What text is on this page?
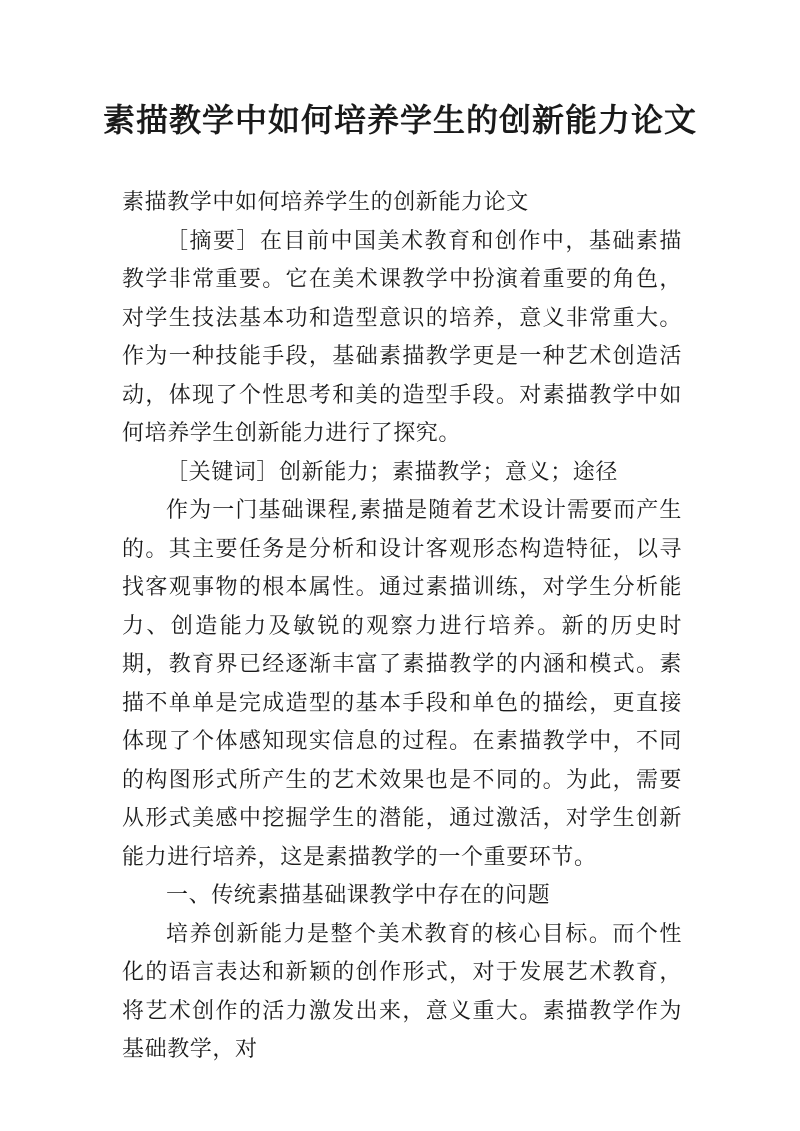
素描教学中如何培养学生的创新能力论文

素描教学中如何培养学生的创新能力论文

［摘要］在目前中国美术教育和创作中，基础素描教学非常重要。它在美术课教学中扮演着重要的角色，对学生技法基本功和造型意识的培养，意义非常重大。作为一种技能手段，基础素描教学更是一种艺术创造活动，体现了个性思考和美的造型手段。对素描教学中如何培养学生创新能力进行了探究。

［关键词］创新能力；素描教学；意义；途径

作为一门基础课程,素描是随着艺术设计需要而产生的。其主要任务是分析和设计客观形态构造特征，以寻找客观事物的根本属性。通过素描训练，对学生分析能力、创造能力及敏锐的观察力进行培养。新的历史时期，教育界已经逐渐丰富了素描教学的内涵和模式。素描不单单是完成造型的基本手段和单色的描绘，更直接体现了个体感知现实信息的过程。在素描教学中，不同的构图形式所产生的艺术效果也是不同的。为此，需要从形式美感中挖掘学生的潜能，通过激活，对学生创新能力进行培养，这是素描教学的一个重要环节。

一、传统素描基础课教学中存在的问题

培养创新能力是整个美术教育的核心目标。而个性化的语言表达和新颖的创作形式，对于发展艺术教育，将艺术创作的活力激发出来，意义重大。素描教学作为基础教学，对
